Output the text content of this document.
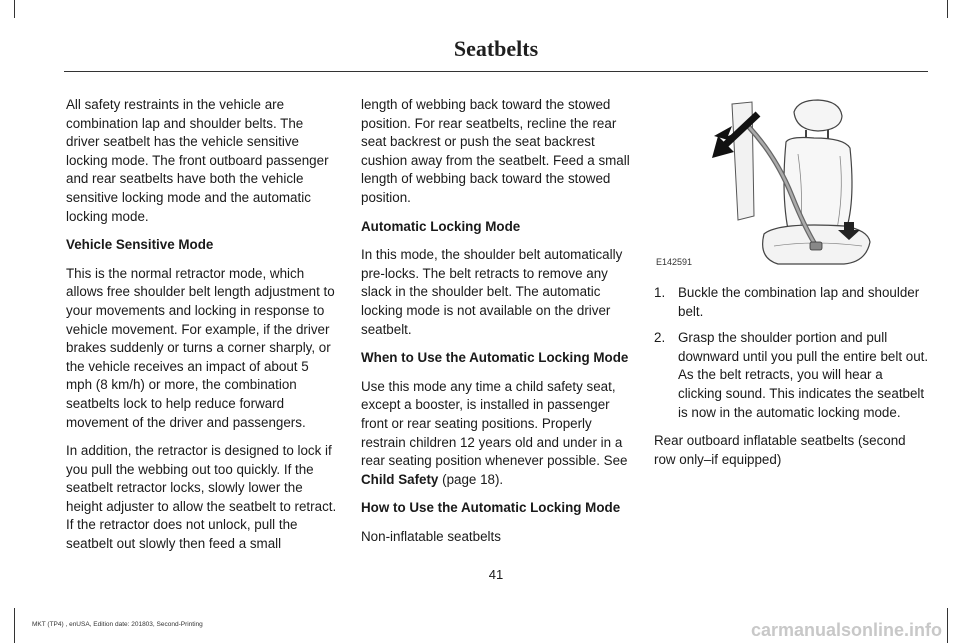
Seatbelts

All safety restraints in the vehicle are combination lap and shoulder belts. The driver seatbelt has the vehicle sensitive locking mode. The front outboard passenger and rear seatbelts have both the vehicle sensitive locking mode and the automatic locking mode.

Vehicle Sensitive Mode

This is the normal retractor mode, which allows free shoulder belt length adjustment to your movements and locking in response to vehicle movement. For example, if the driver brakes suddenly or turns a corner sharply, or the vehicle receives an impact of about 5 mph (8 km/h) or more, the combination seatbelts lock to help reduce forward movement of the driver and passengers.

In addition, the retractor is designed to lock if you pull the webbing out too quickly. If the seatbelt retractor locks, slowly lower the height adjuster to allow the seatbelt to retract. If the retractor does not unlock, pull the seatbelt out slowly then feed a small

length of webbing back toward the stowed position. For rear seatbelts, recline the rear seat backrest or push the seat backrest cushion away from the seatbelt. Feed a small length of webbing back toward the stowed position.

Automatic Locking Mode

In this mode, the shoulder belt automatically pre-locks. The belt retracts to remove any slack in the shoulder belt. The automatic locking mode is not available on the driver seatbelt.

When to Use the Automatic Locking Mode

Use this mode any time a child safety seat, except a booster, is installed in passenger front or rear seating positions. Properly restrain children 12 years old and under in a rear seating position whenever possible. See Child Safety (page 18).

How to Use the Automatic Locking Mode

Non-inflatable seatbelts

E142591
1. Buckle the combination lap and shoulder belt.
2. Grasp the shoulder portion and pull downward until you pull the entire belt out. As the belt retracts, you will hear a clicking sound. This indicates the seatbelt is now in the automatic locking mode.

Rear outboard inflatable seatbelts (second row only–if equipped)

41
MKT (TP4) , enUSA, Edition date: 201803, Second-Printing	carmanualsonline.info
